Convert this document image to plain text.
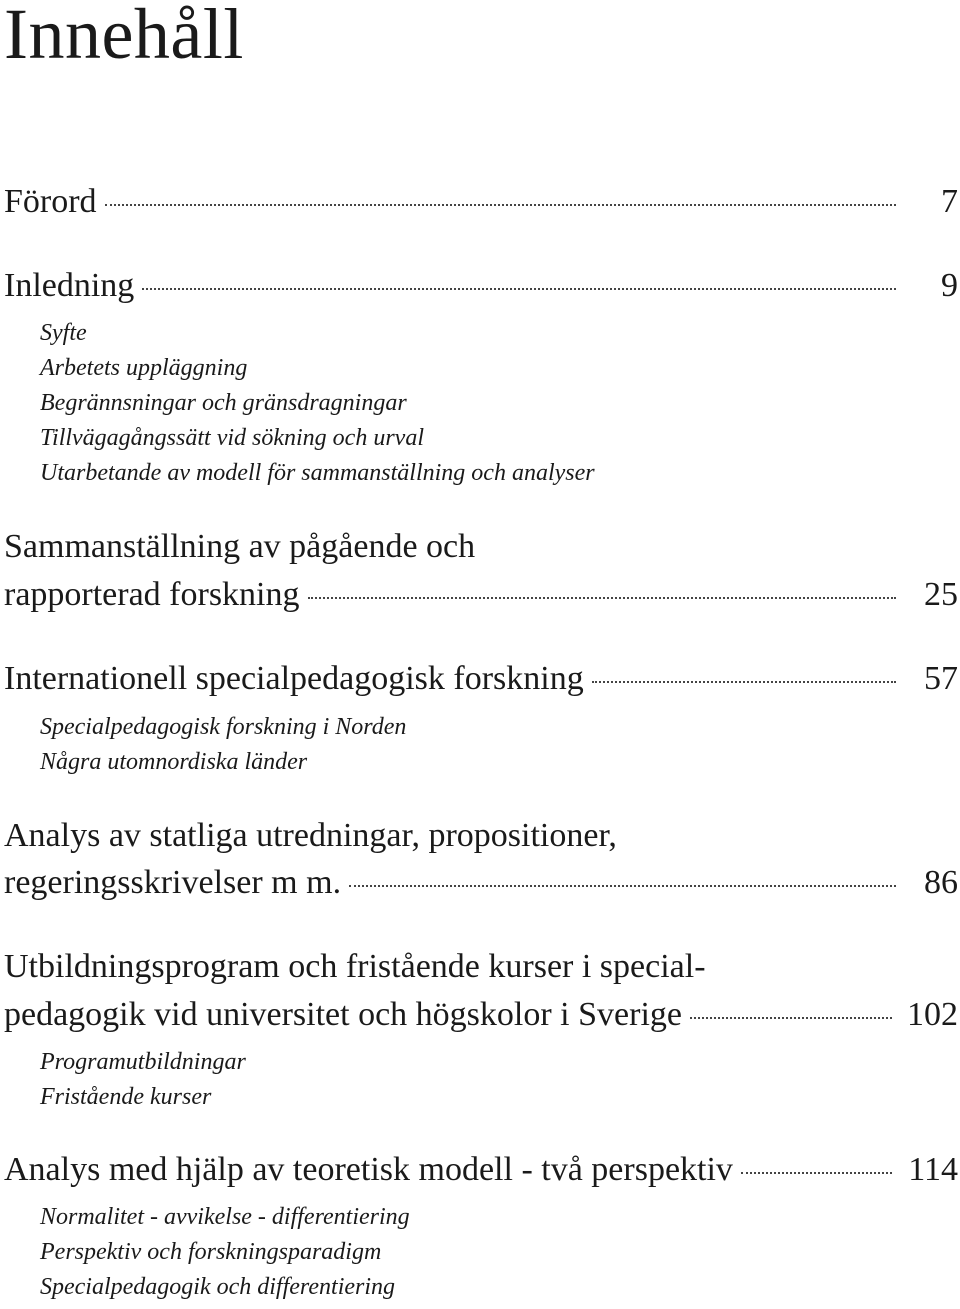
Innehåll
Förord	7
Inledning	9
Syfte
Arbetets uppläggning
Begrännsningar och gränsdragningar
Tillvägagångssätt vid sökning och urval
Utarbetande av modell för sammanställning och analyser
Sammanställning av pågående och
rapporterad forskning	25
Internationell specialpedagogisk forskning	57
Specialpedagogisk forskning i Norden
Några utomnordiska länder
Analys av statliga utredningar, propositioner,
regeringsskrivelser m m.	86
Utbildningsprogram och fristående kurser i special-
pedagogik vid universitet och högskolor i Sverige	102
Programutbildningar
Fristående kurser
Analys med hjälp av teoretisk modell - två perspektiv	114
Normalitet - avvikelse - differentiering
Perspektiv och forskningsparadigm
Specialpedagogik och differentiering
